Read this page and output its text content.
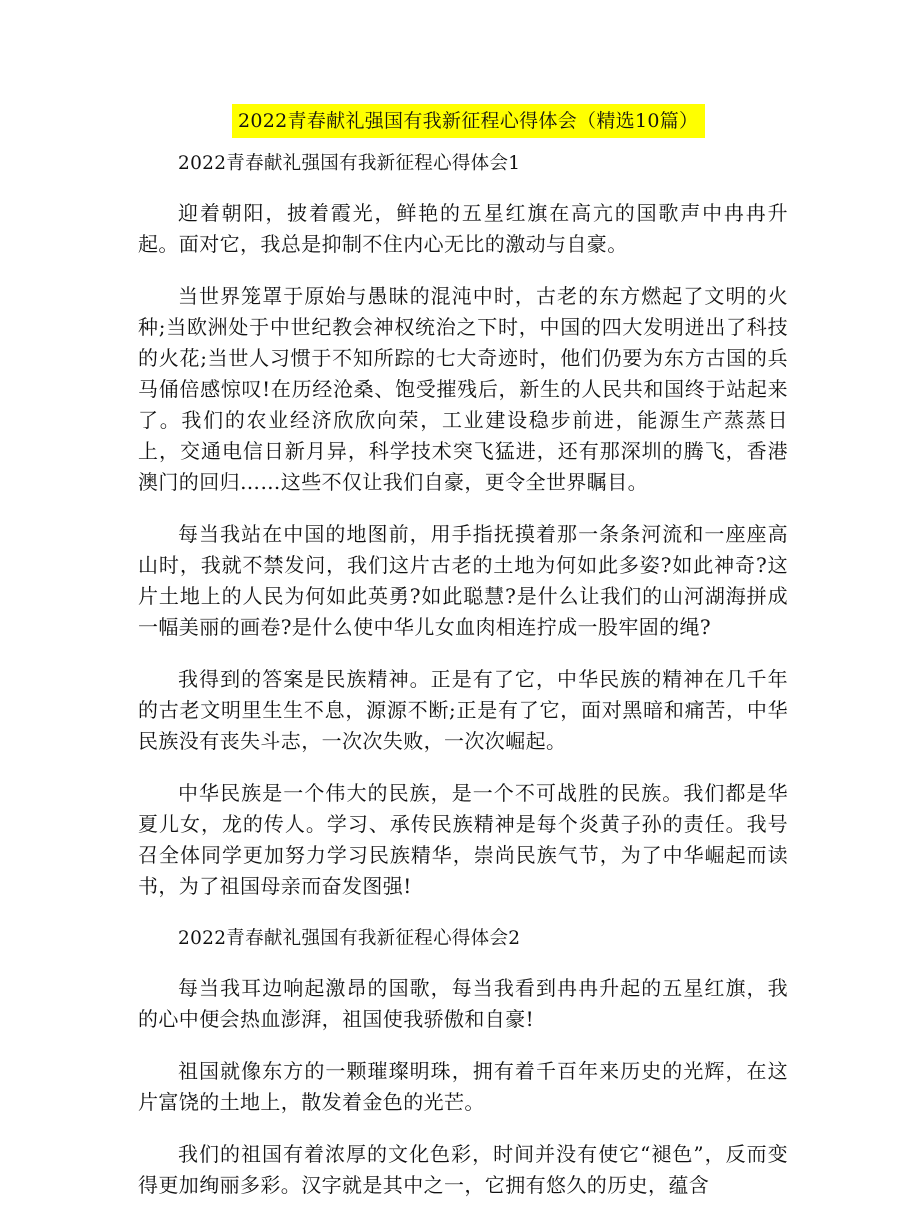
2022青春献礼强国有我新征程心得体会（精选10篇）

2022青春献礼强国有我新征程心得体会1

迎着朝阳，披着霞光，鲜艳的五星红旗在高亢的国歌声中冉冉升起。面对它，我总是抑制不住内心无比的激动与自豪。

当世界笼罩于原始与愚昧的混沌中时，古老的东方燃起了文明的火种;当欧洲处于中世纪教会神权统治之下时，中国的四大发明迸出了科技的火花;当世人习惯于不知所踪的七大奇迹时，他们仍要为东方古国的兵马俑倍感惊叹!在历经沧桑、饱受摧残后，新生的人民共和国终于站起来了。我们的农业经济欣欣向荣，工业建设稳步前进，能源生产蒸蒸日上，交通电信日新月异，科学技术突飞猛进，还有那深圳的腾飞，香港澳门的回归……这些不仅让我们自豪，更令全世界瞩目。

每当我站在中国的地图前，用手指抚摸着那一条条河流和一座座高山时，我就不禁发问，我们这片古老的土地为何如此多姿?如此神奇?这片土地上的人民为何如此英勇?如此聪慧?是什么让我们的山河湖海拼成一幅美丽的画卷?是什么使中华儿女血肉相连拧成一股牢固的绳?

我得到的答案是民族精神。正是有了它，中华民族的精神在几千年的古老文明里生生不息，源源不断;正是有了它，面对黑暗和痛苦，中华民族没有丧失斗志，一次次失败，一次次崛起。

中华民族是一个伟大的民族，是一个不可战胜的民族。我们都是华夏儿女，龙的传人。学习、承传民族精神是每个炎黄子孙的责任。我号召全体同学更加努力学习民族精华，崇尚民族气节，为了中华崛起而读书，为了祖国母亲而奋发图强!

2022青春献礼强国有我新征程心得体会2

每当我耳边响起激昂的国歌，每当我看到冉冉升起的五星红旗，我的心中便会热血澎湃，祖国使我骄傲和自豪!

祖国就像东方的一颗璀璨明珠，拥有着千百年来历史的光辉，在这片富饶的土地上，散发着金色的光芒。

我们的祖国有着浓厚的文化色彩，时间并没有使它“褪色”，反而变得更加绚丽多彩。汉字就是其中之一，它拥有悠久的历史，蕴含
